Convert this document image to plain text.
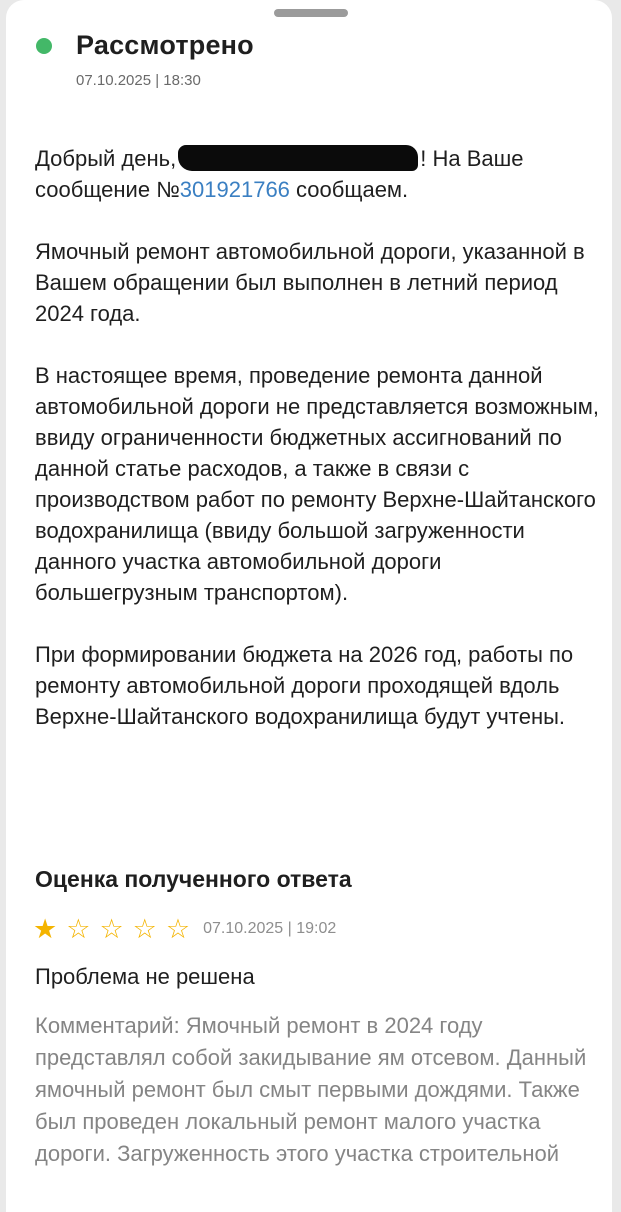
Рассмотрено
07.10.2025 | 18:30

Добрый день,	! На Ваше сообщение №301921766 сообщаем.

Ямочный ремонт автомобильной дороги, указанной в Вашем обращении был выполнен в летний период 2024 года.

В настоящее время, проведение ремонта данной автомобильной дороги не представляется возможным, ввиду ограниченности бюджетных ассигнований по данной статье расходов, а также в связи с производством работ по ремонту Верхне-Шайтанского водохранилища (ввиду большой загруженности данного участка автомобильной дороги большегрузным транспортом).

При формировании бюджета на 2026 год, работы по ремонту автомобильной дороги проходящей вдоль Верхне-Шайтанского водохранилища будут учтены.

Оценка полученного ответа
★ ☆ ☆ ☆ ☆ 07.10.2025 | 19:02
Проблема не решена
Комментарий: Ямочный ремонт в 2024 году представлял собой закидывание ям отсевом. Данный ямочный ремонт был смыт первыми дождями. Также был проведен локальный ремонт малого участка дороги. Загруженность этого участка строительной
